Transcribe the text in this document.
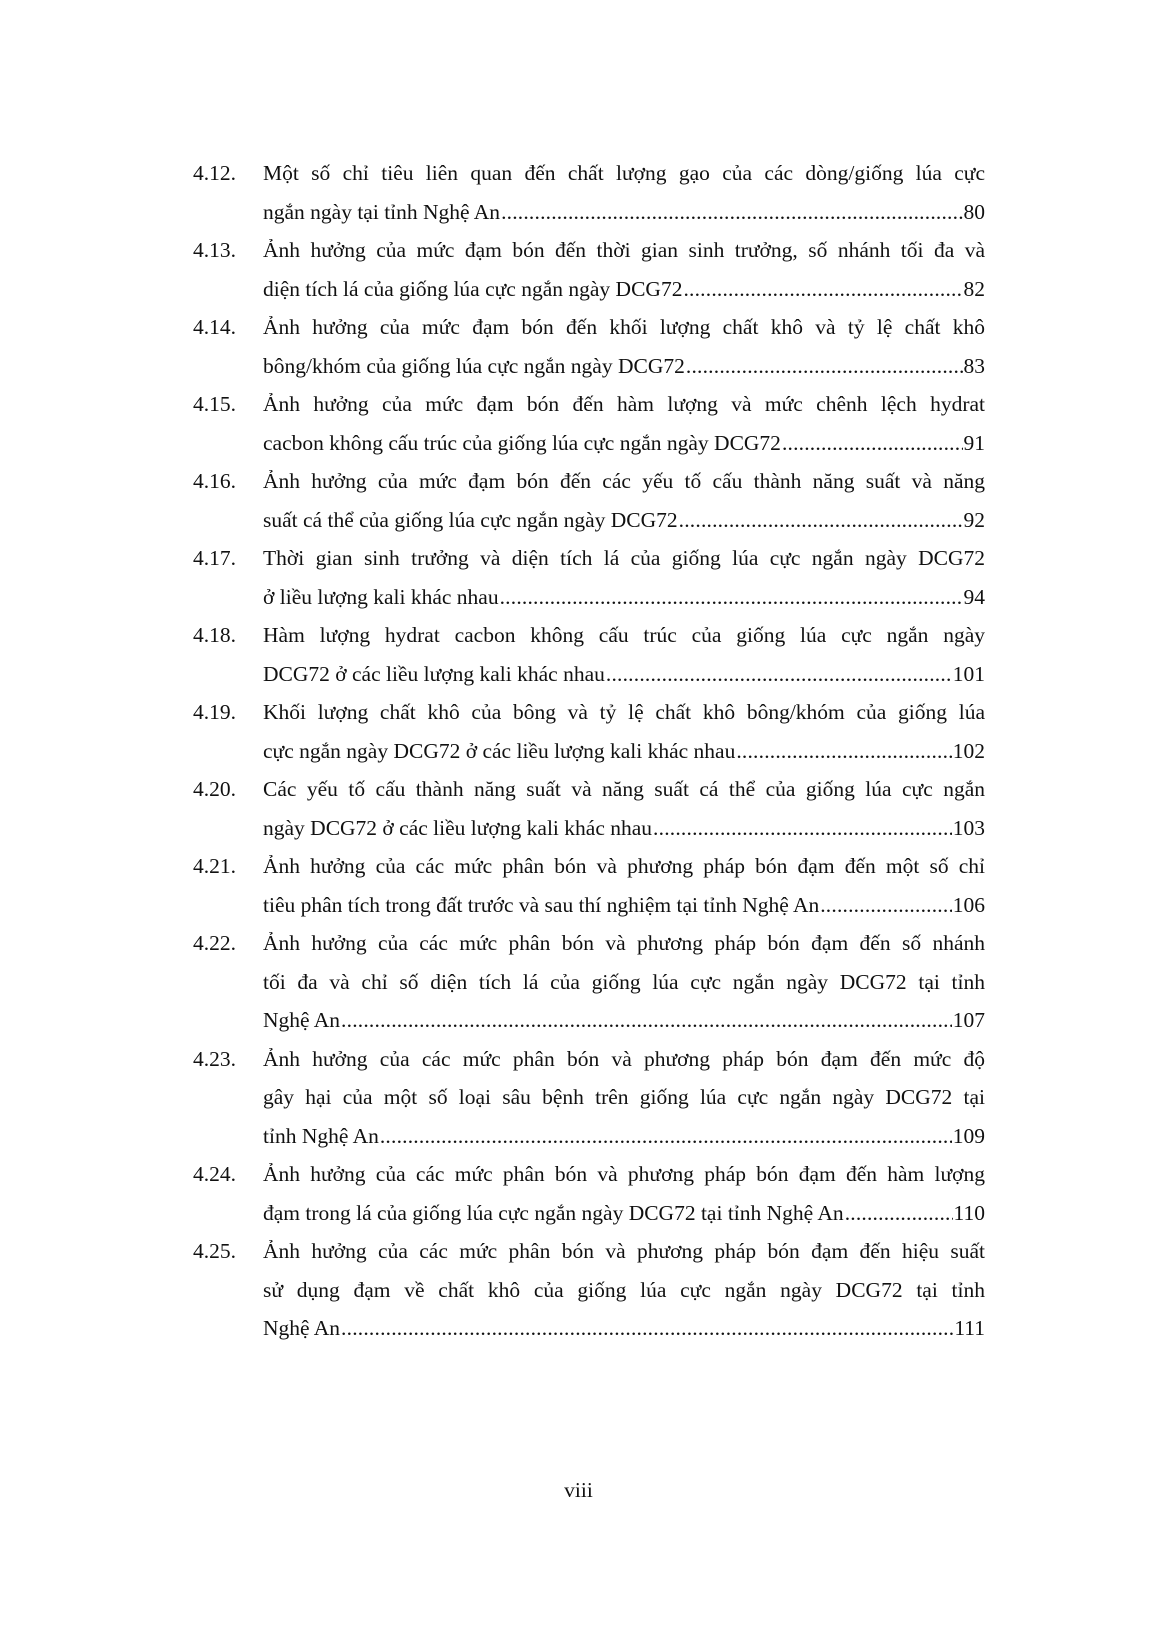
4.12.	Một số chỉ tiêu liên quan đến chất lượng gạo của các dòng/giống lúa cực
ngắn ngày tại tỉnh Nghệ An .....	80
4.13.	Ảnh hưởng của mức đạm bón đến thời gian sinh trưởng, số nhánh tối đa và
diện tích lá của giống lúa cực ngắn ngày DCG72 .....	82
4.14.	Ảnh hưởng của mức đạm bón đến khối lượng chất khô và tỷ lệ chất khô
bông/khóm của giống lúa cực ngắn ngày DCG72 .....	83
4.15.	Ảnh hưởng của mức đạm bón đến hàm lượng và mức chênh lệch hydrat
cacbon không cấu trúc của giống lúa cực ngắn ngày DCG72 .....	91
4.16.	Ảnh hưởng của mức đạm bón đến các yếu tố cấu thành năng suất và năng
suất cá thể của giống lúa cực ngắn ngày DCG72 .....	92
4.17.	Thời gian sinh trưởng và diện tích lá của giống lúa cực ngắn ngày DCG72
ở liều lượng kali khác nhau .....	94
4.18.	Hàm lượng hydrat cacbon không cấu trúc của giống lúa cực ngắn ngày
DCG72 ở các liều lượng kali khác nhau .....	101
4.19.	Khối lượng chất khô của bông và tỷ lệ chất khô bông/khóm của giống lúa
cực ngắn ngày DCG72 ở các liều lượng kali khác nhau .....	102
4.20.	Các yếu tố cấu thành năng suất và năng suất cá thể của giống lúa cực ngắn
ngày DCG72 ở các liều lượng kali khác nhau .....	103
4.21.	Ảnh hưởng của các mức phân bón và phương pháp bón đạm đến một số chỉ
tiêu phân tích trong đất trước và sau thí nghiệm tại tỉnh Nghệ An .....	106
4.22.	Ảnh hưởng của các mức phân bón và phương pháp bón đạm đến số nhánh
tối đa và chỉ số diện tích lá của giống lúa cực ngắn ngày DCG72 tại tỉnh
Nghệ An .....	107
4.23.	Ảnh hưởng của các mức phân bón và phương pháp bón đạm đến mức độ
gây hại của một số loại sâu bệnh trên giống lúa cực ngắn ngày DCG72 tại
tỉnh Nghệ An .....	109
4.24.	Ảnh hưởng của các mức phân bón và phương pháp bón đạm đến hàm lượng
đạm trong lá của giống lúa cực ngắn ngày DCG72 tại tỉnh Nghệ An .....	110
4.25.	Ảnh hưởng của các mức phân bón và phương pháp bón đạm đến hiệu suất
sử dụng đạm về chất khô của giống lúa cực ngắn ngày DCG72 tại tỉnh
Nghệ An .....	111
viii
